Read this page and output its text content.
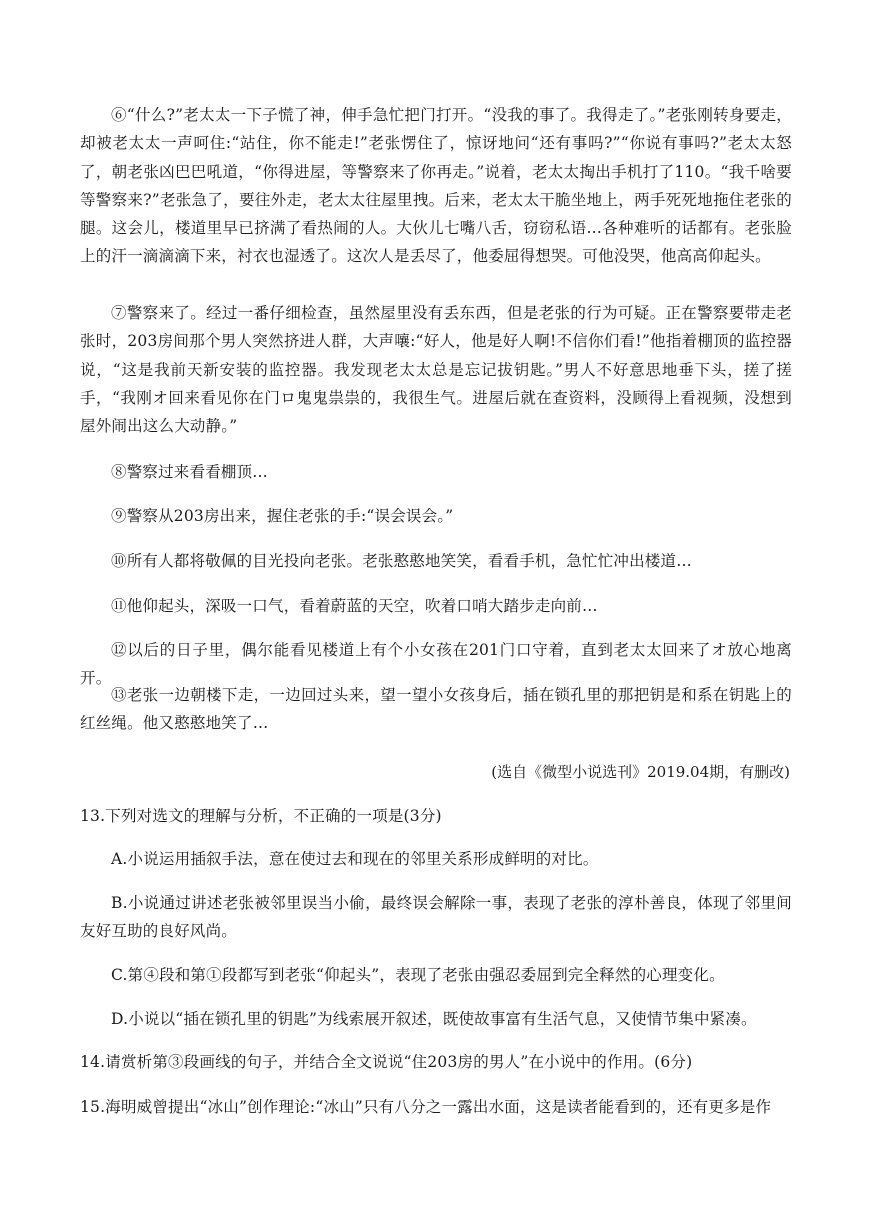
⑥“什么?”老太太一下子慌了神，伸手急忙把门打开。“没我的事了。我得走了。”老张刚转身要走，却被老太太一声呵住:“站住，你不能走!”老张愣住了，惊讶地问“还有事吗?”“你说有事吗?”老太太怒了，朝老张凶巴巴吼道，“你得进屋，等警察来了你再走。”说着，老太太掏出手机打了110。“我千啥要等警察来?”老张急了，要往外走，老太太往屋里拽。后来，老太太干脆坐地上，两手死死地拖住老张的腿。这会儿，楼道里早已挤满了看热闹的人。大伙儿七嘴八舌，窃窃私语…各种难听的话都有。老张脸上的汗一滴滴滴下来，衬衣也湿透了。这次人是丢尽了，他委屈得想哭。可他没哭，他高高仰起头。

⑦警察来了。经过一番仔细检查，虽然屋里没有丢东西，但是老张的行为可疑。正在警察要带走老张时，203房间那个男人突然挤进人群，大声嚷:“好人，他是好人啊!不信你们看!”他指着棚顶的监控器说，“这是我前天新安装的监控器。我发现老太太总是忘记拔钥匙。”男人不好意思地垂下头，搓了搓手，“我刚オ回来看见你在门ロ鬼鬼祟祟的，我很生气。进屋后就在查资料，没顾得上看视频，没想到屋外闹出这么大动静。”

⑧警察过来看看棚顶…

⑨警察从203房出来，握住老张的手:“误会误会。”

⑩所有人都将敬佩的目光投向老张。老张憨憨地笑笑，看看手机，急忙忙冲出楼道…

⑪他仰起头，深吸一口气，看着蔚蓝的天空，吹着口哨大踏步走向前…

⑫以后的日子里，偶尔能看见楼道上有个小女孩在201门口守着，直到老太太回来了オ放心地离开。

⑬老张一边朝楼下走，一边回过头来，望一望小女孩身后，插在锁孔里的那把钥是和系在钥匙上的红丝绳。他又憨憨地笑了…

(选自《微型小说选刊》2019.04期，有删改)

13.下列对选文的理解与分析，不正确的一项是(3分)

A.小说运用插叙手法，意在使过去和现在的邻里关系形成鲜明的对比。

B.小说通过讲述老张被邻里误当小偷，最终误会解除一事，表现了老张的淳朴善良，体现了邻里间友好互助的良好风尚。

C.第④段和第①段都写到老张“仰起头”，表现了老张由强忍委屈到完全释然的心理变化。

D.小说以“插在锁孔里的钥匙”为线索展开叙述，既使故事富有生活气息，又使情节集中紧凑。

14.请赏析第③段画线的句子，并结合全文说说“住203房的男人”在小说中的作用。(6分)

15.海明威曾提出“冰山”创作理论:“冰山”只有八分之一露出水面，这是读者能看到的，还有更多是作
